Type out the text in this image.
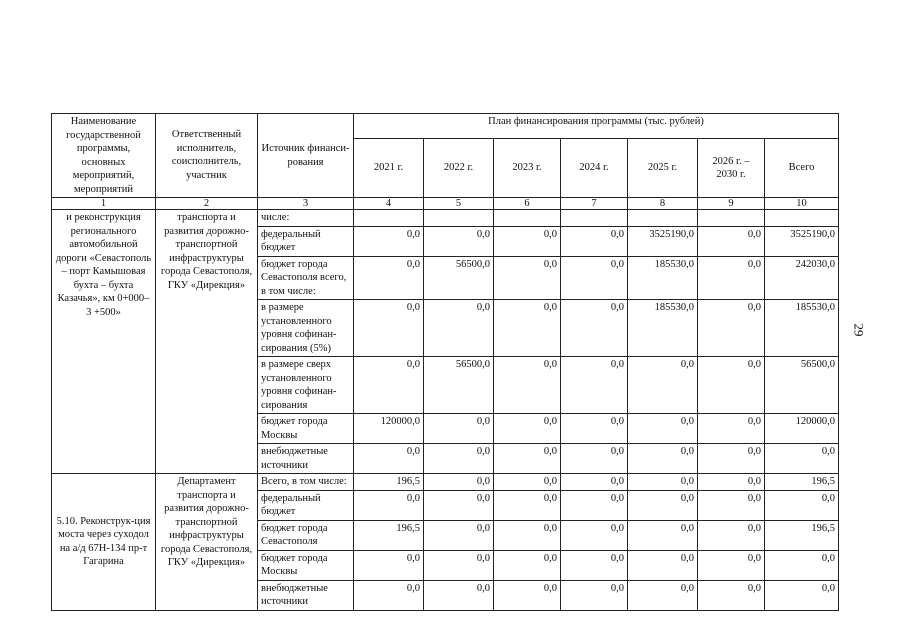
Наименование государственной программы, основных мероприятий, мероприятий	Ответственный исполнитель, соисполнитель, участник	Источник финанси-рования	План финансирования программы (тыс. рублей)						
			2021 г.	2022 г.	2023 г.	2024 г.	2025 г.	2026 г. – 2030 г.	Всего
1	2	3	4	5	6	7	8	9	10
и реконструкция регионального автомобильной дороги «Севастополь – порт Камышовая бухта – бухта Казачья», км 0+000–3 +500»	транспорта и развития дорожно-транспортной инфраструктуры города Севастополя, ГКУ «Дирекция»	числе:							
		федеральный бюджет	0,0	0,0	0,0	0,0	3525190,0	0,0	3525190,0
		бюджет города Севастополя всего, в том числе:	0,0	56500,0	0,0	0,0	185530,0	0,0	242030,0
		в размере установленного уровня софинан-сирования (5%)	0,0	0,0	0,0	0,0	185530,0	0,0	185530,0
		в размере сверх установленного уровня софинан-сирования	0,0	56500,0	0,0	0,0	0,0	0,0	56500,0
		бюджет города Москвы	120000,0	0,0	0,0	0,0	0,0	0,0	120000,0
		внебюджетные источники	0,0	0,0	0,0	0,0	0,0	0,0	0,0
5.10. Реконструк-ция моста через суходол на а/д 67Н-134 пр-т Гагарина	Департамент транспорта и развития дорожно-транспортной инфраструктуры города Севастополя, ГКУ «Дирекция»	Всего, в том числе:	196,5	0,0	0,0	0,0	0,0	0,0	196,5
		федеральный бюджет	0,0	0,0	0,0	0,0	0,0	0,0	0,0
		бюджет города Севастополя	196,5	0,0	0,0	0,0	0,0	0,0	196,5
		бюджет города Москвы	0,0	0,0	0,0	0,0	0,0	0,0	0,0
		внебюджетные источники	0,0	0,0	0,0	0,0	0,0	0,0	0,0
29
